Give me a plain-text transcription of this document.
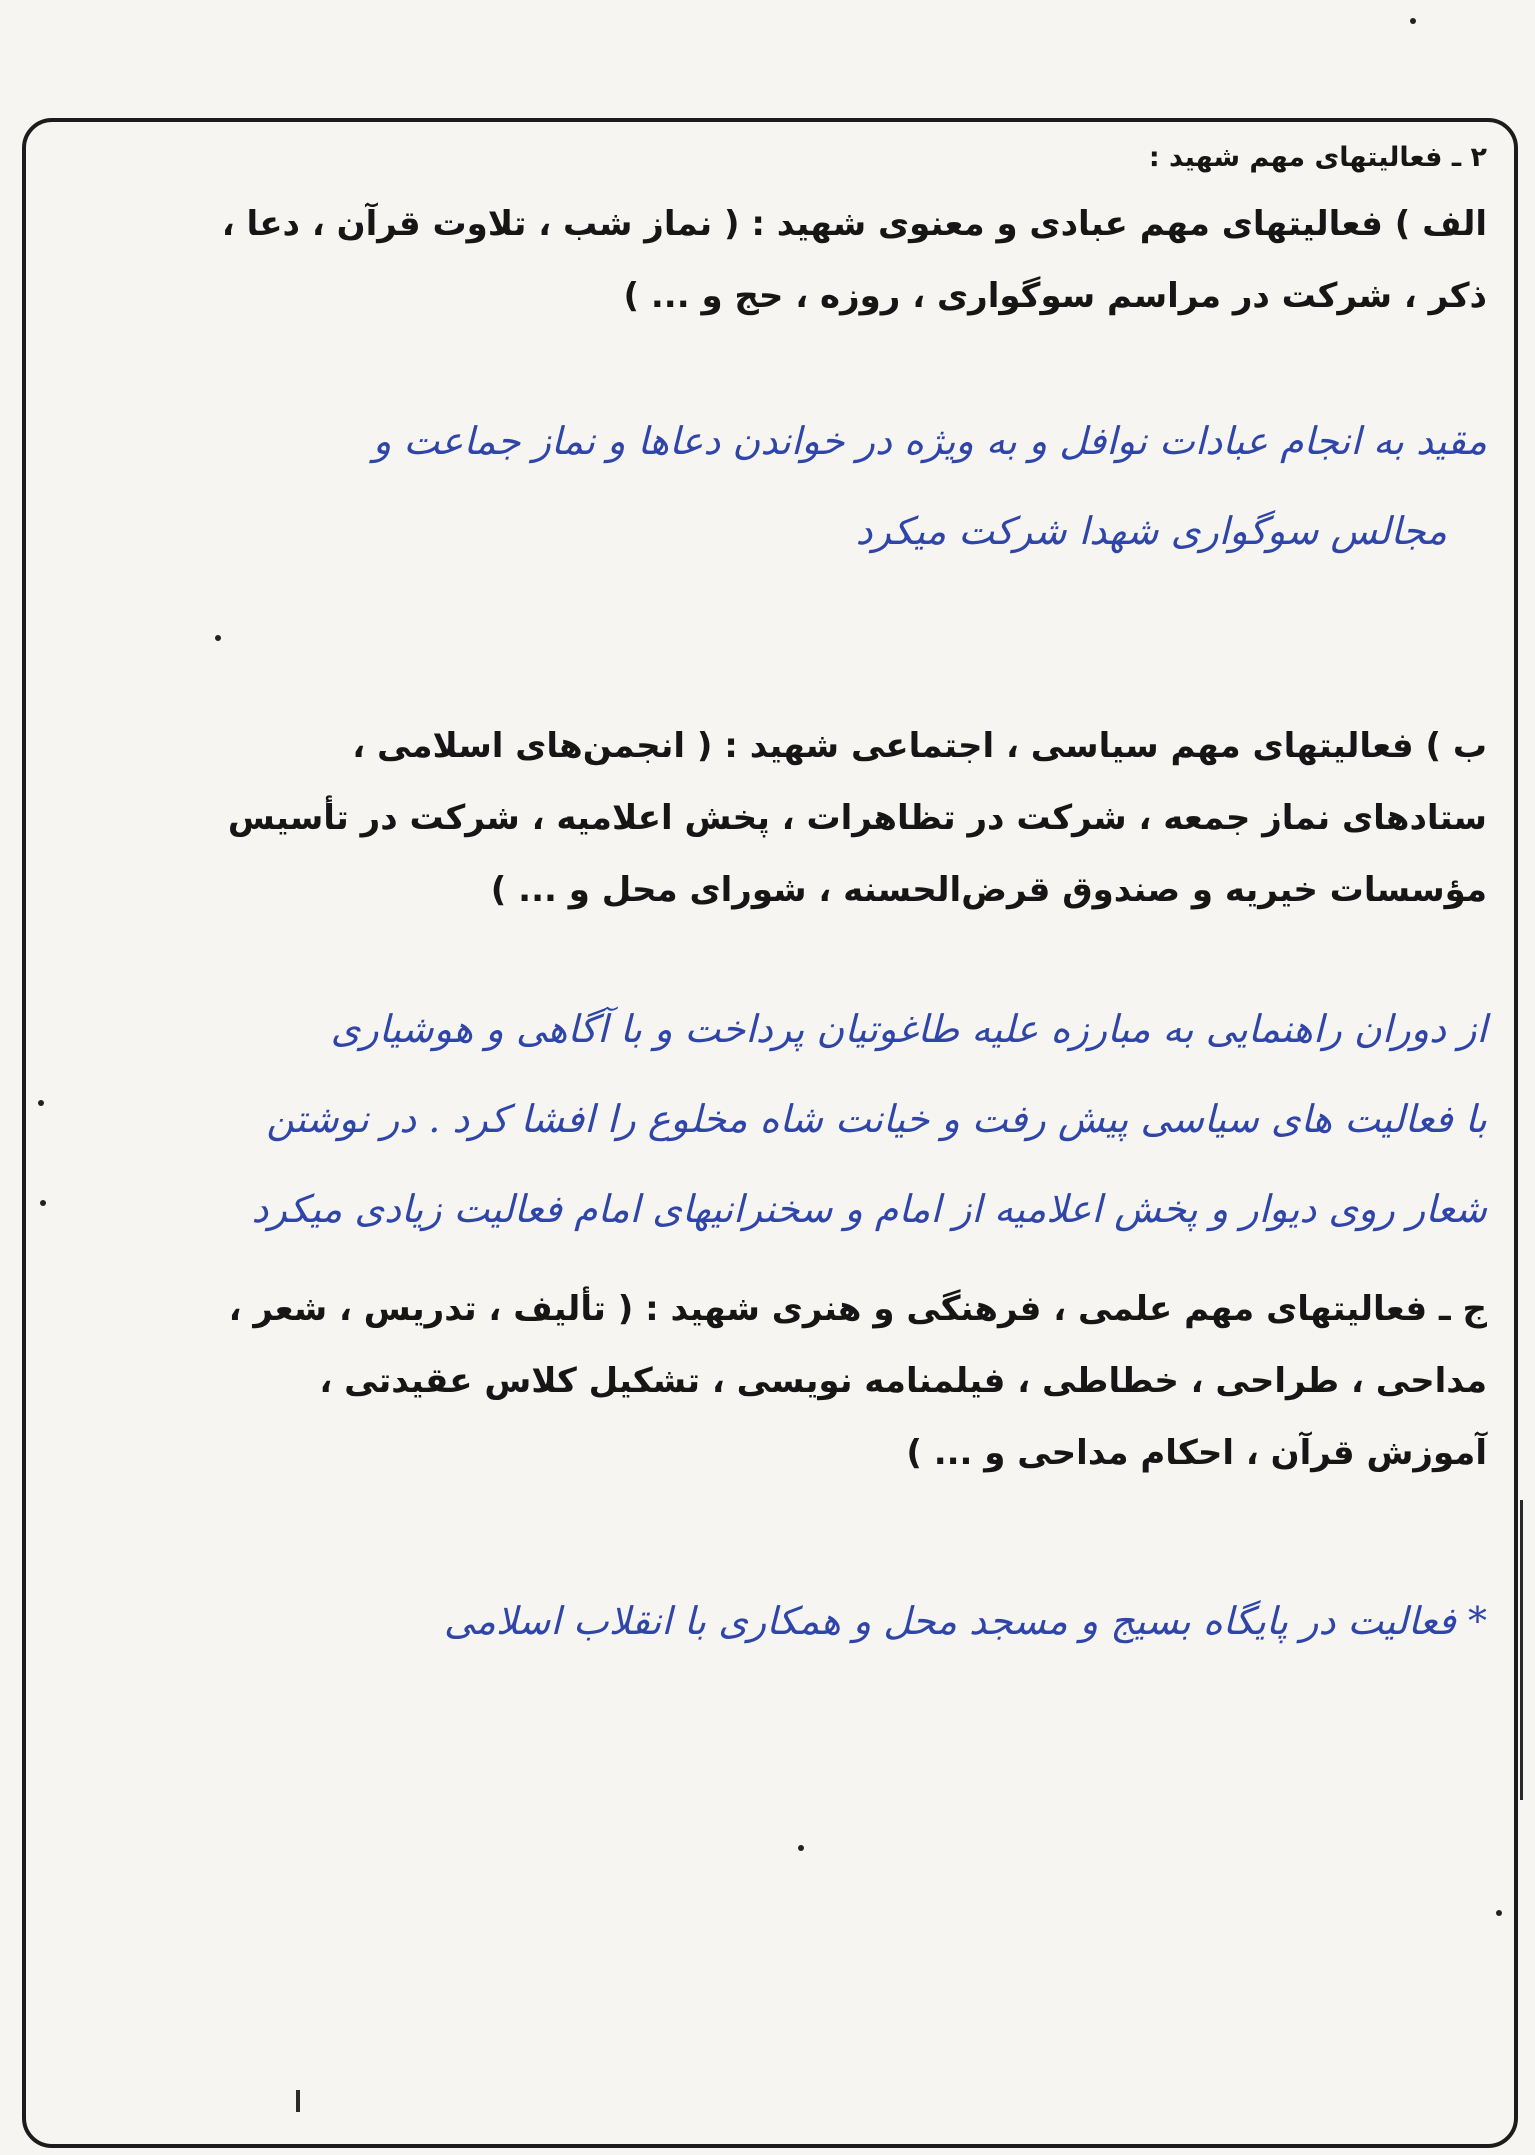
۲ ـ فعالیتهای مهم شهید :

الف ) فعالیتهای مهم عبادی و معنوی شهید : ( نماز شب ، تلاوت قرآن ، دعا ،
ذکر ، شرکت در مراسم سوگواری ، روزه ، حج و ... )

مقید به انجام عبادات نوافل و به ویژه در خواندن دعاها و نماز جماعت و
مجالس سوگواری شهدا شرکت میکرد

ب ) فعالیتهای مهم سیاسی ، اجتماعی شهید : ( انجمن‌های اسلامی ،
ستادهای نماز جمعه ، شرکت در تظاهرات ، پخش اعلامیه ، شرکت در تأسیس
مؤسسات خیریه و صندوق قرض‌الحسنه ، شورای محل و ... )

از دوران راهنمایی به مبارزه علیه طاغوتیان پرداخت و با آگاهی و هوشیاری
با فعالیت های سیاسی پیش رفت و خیانت شاه مخلوع را افشا کرد . در نوشتن
شعار روی دیوار و پخش اعلامیه از امام و سخنرانیهای امام فعالیت زیادی میکرد

ج ـ فعالیتهای مهم علمی ، فرهنگی و هنری شهید : ( تألیف ، تدریس ، شعر ،
مداحی ، طراحی ، خطاطی ، فیلمنامه نویسی ، تشکیل کلاس عقیدتی ،
آموزش قرآن ، احکام مداحی و ... )

* فعالیت در پایگاه بسیج و مسجد محل و همکاری با انقلاب اسلامی
